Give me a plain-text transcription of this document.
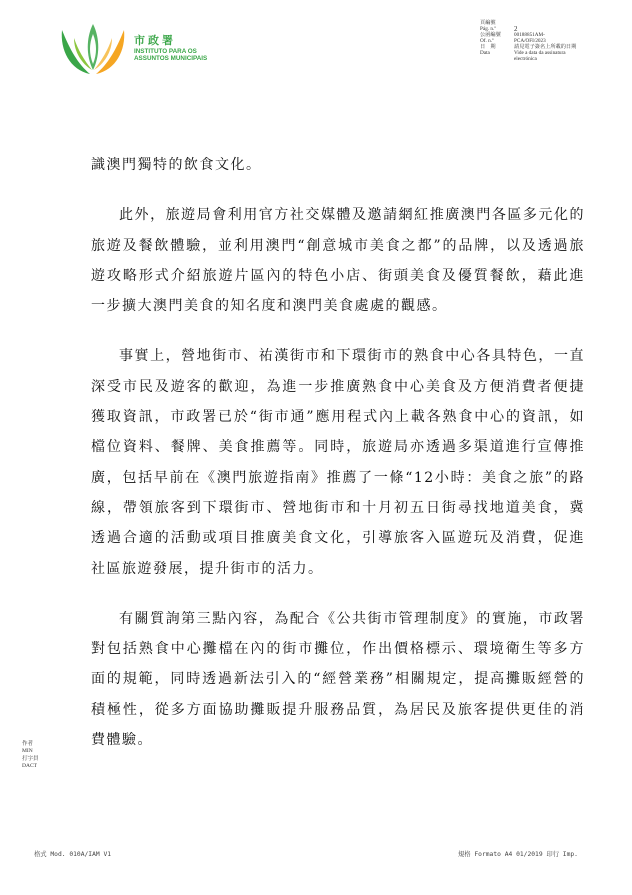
市政署
INSTITUTO PARA OS
ASSUNTOS MUNICIPAIS
頁編號
Pág. n.º	2
公函編號	00188851AM-
Of. n.º	PCA/OFI/2023
日　期	請見電子簽名上所載的日期
Data	Vide a data da assinatura
electrónica

識澳門獨特的飲食文化。

此外，旅遊局會利用官方社交媒體及邀請網紅推廣澳門各區多元化的旅遊及餐飲體驗，並利用澳門“創意城市美食之都”的品牌，以及透過旅遊攻略形式介紹旅遊片區內的特色小店、街頭美食及優質餐飲，藉此進一步擴大澳門美食的知名度和澳門美食處處的觀感。

事實上，營地街市、祐漢街市和下環街市的熟食中心各具特色，一直深受市民及遊客的歡迎，為進一步推廣熟食中心美食及方便消費者便捷獲取資訊，市政署已於“街市通”應用程式內上載各熟食中心的資訊，如檔位資料、餐牌、美食推薦等。同時，旅遊局亦透過多渠道進行宣傳推廣，包括早前在《澳門旅遊指南》推薦了一條“12小時：美食之旅”的路線，帶領旅客到下環街市、營地街市和十月初五日街尋找地道美食，冀透過合適的活動或項目推廣美食文化，引導旅客入區遊玩及消費，促進社區旅遊發展，提升街市的活力。

有關質詢第三點內容，為配合《公共街市管理制度》的實施，市政署對包括熟食中心攤檔在內的街市攤位，作出價格標示、環境衛生等多方面的規範，同時透過新法引入的“經營業務”相關規定，提高攤販經營的積極性，從多方面協助攤販提升服務品質，為居民及旅客提供更佳的消費體驗。

作者
MIN
打字員
DACT
格式 Mod. 010A/IAM V1	規格 Formato A4 01/2019 印行 Imp.
